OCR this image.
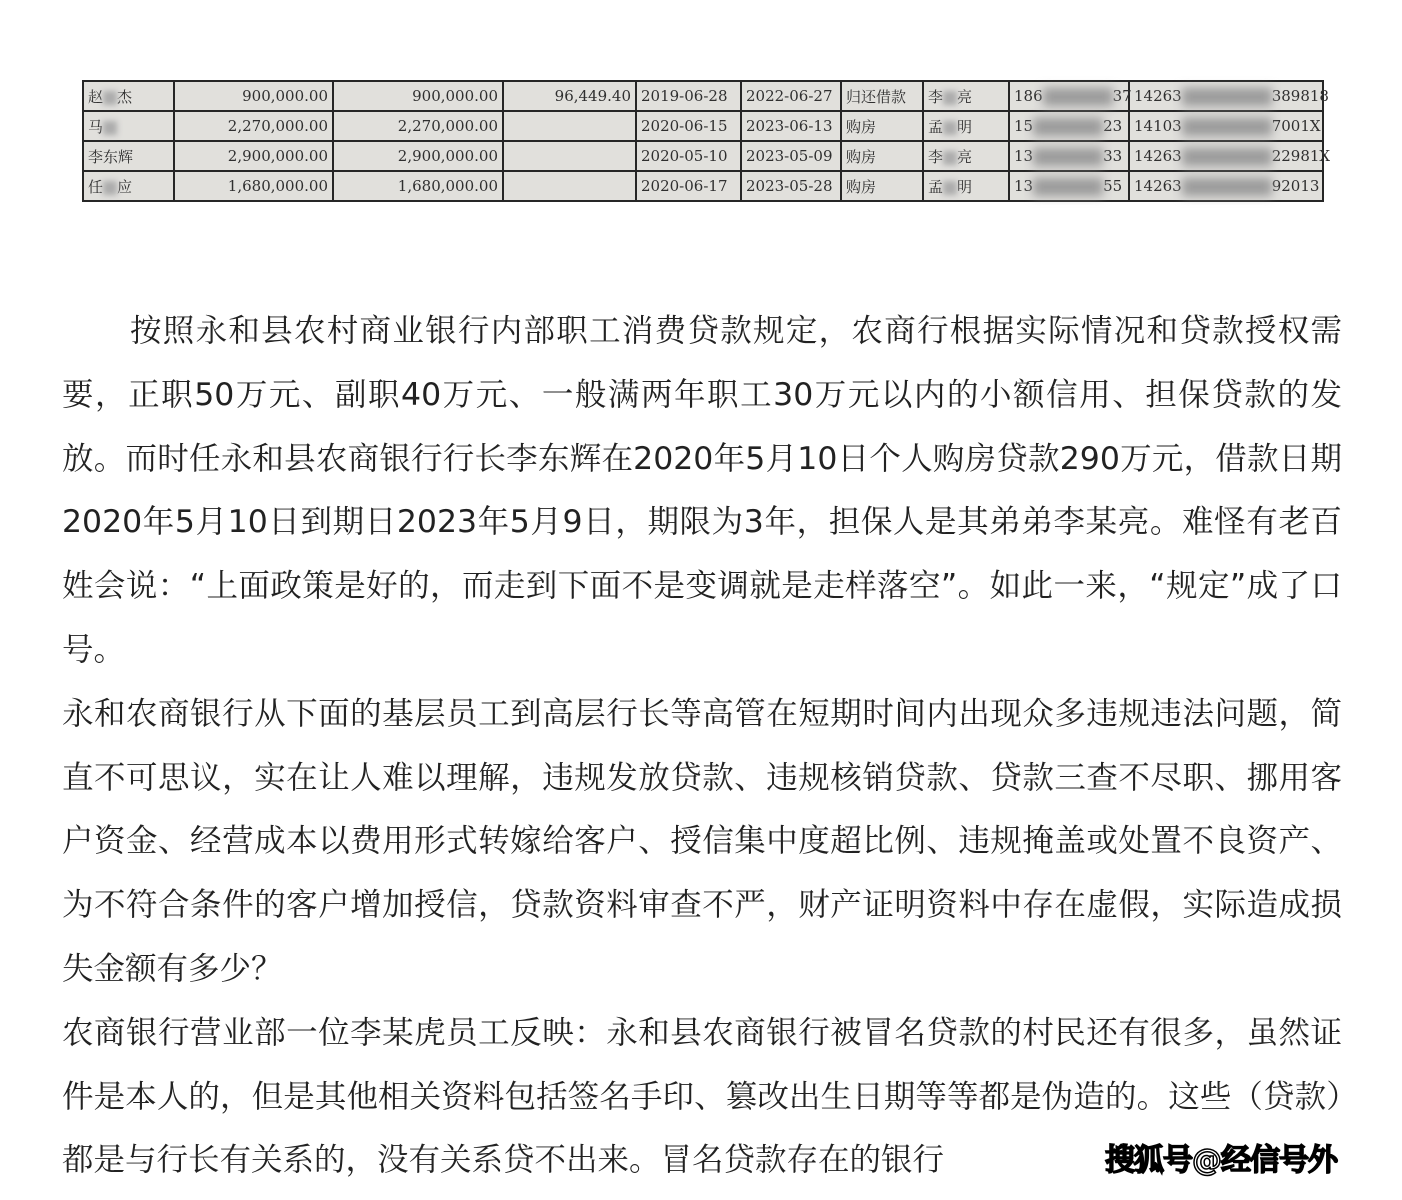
赵 杰	900,000.00	900,000.00	96,449.40	2019-06-28	2022-06-27	归还借款	李 亮	186 37	14263 389818
马	2,270,000.00	2,270,000.00		2020-06-15	2023-06-13	购房	孟 明	15 23	14103 7001X
李东辉	2,900,000.00	2,900,000.00		2020-05-10	2023-05-09	购房	李 亮	13 33	14263 22981X
任 应	1,680,000.00	1,680,000.00		2020-06-17	2023-05-28	购房	孟 明	13 55	14263 92013
搜狐号@经信号外

按照永和县农村商业银行内部职工消费贷款规定，农商行根据实际情况和贷款授权需要，正职50万元、副职40万元、一般满两年职工30万元以内的小额信用、担保贷款的发放。而时任永和县农商银行行长李东辉在2020年5月10日个人购房贷款290万元，借款日期2020年5月10日到期日2023年5月9日，期限为3年，担保人是其弟弟李某亮。难怪有老百姓会说：“上面政策是好的，而走到下面不是变调就是走样落空”。如此一来，“规定”成了口号。

永和农商银行从下面的基层员工到高层行长等高管在短期时间内出现众多违规违法问题，简直不可思议，实在让人难以理解，违规发放贷款、违规核销贷款、贷款三查不尽职、挪用客户资金、经营成本以费用形式转嫁给客户、授信集中度超比例、违规掩盖或处置不良资产、为不符合条件的客户增加授信，贷款资料审查不严，财产证明资料中存在虚假，实际造成损失金额有多少？

农商银行营业部一位李某虎员工反映：永和县农商银行被冒名贷款的村民还有很多，虽然证件是本人的，但是其他相关资料包括签名手印、篡改出生日期等等都是伪造的。这些（贷款）都是与行长有关系的，没有关系贷不出来。冒名贷款存在的银行	搜狐号@经信号外
